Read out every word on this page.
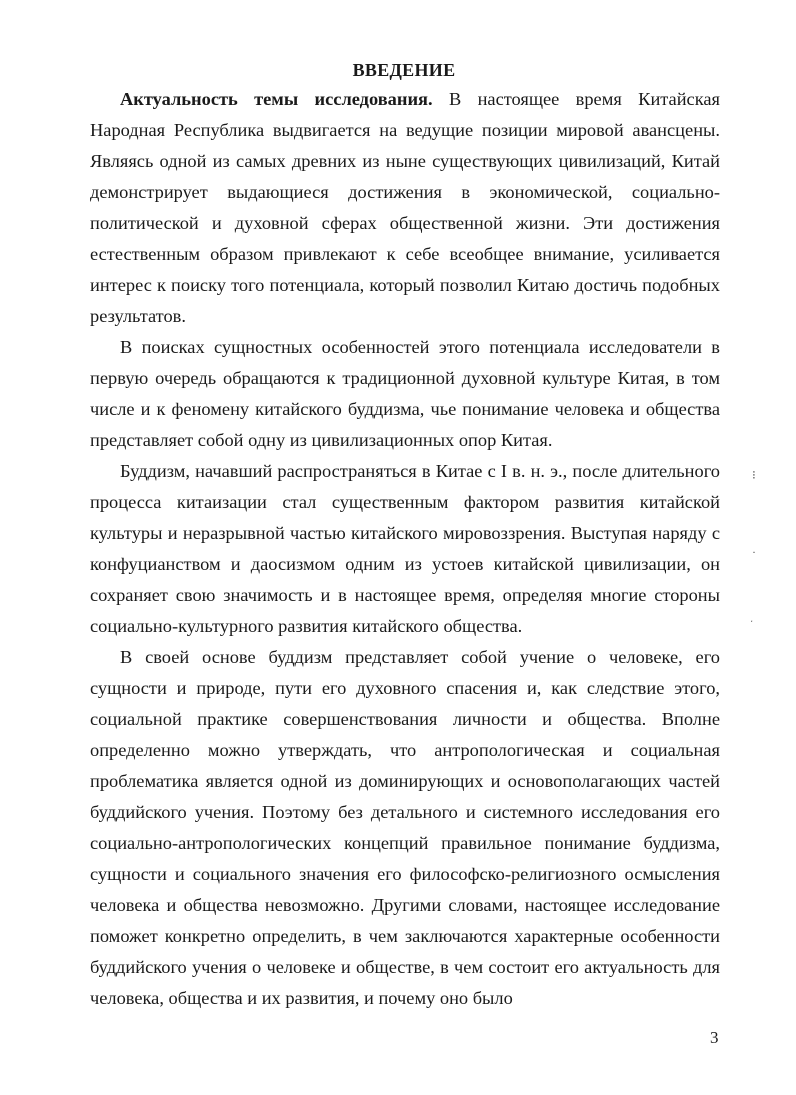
ВВЕДЕНИЕ

Актуальность темы исследования. В настоящее время Китайская Народная Республика выдвигается на ведущие позиции мировой авансцены. Являясь одной из самых древних из ныне существующих цивилизаций, Китай демонстрирует выдающиеся достижения в экономической, социально-политической и духовной сферах общественной жизни. Эти достижения естественным образом привлекают к себе всеобщее внимание, усиливается интерес к поиску того потенциала, который позволил Китаю достичь подобных результатов.

В поисках сущностных особенностей этого потенциала исследователи в первую очередь обращаются к традиционной духовной культуре Китая, в том числе и к феномену китайского буддизма, чье понимание человека и общества представляет собой одну из цивилизационных опор Китая.

Буддизм, начавший распространяться в Китае с I в. н. э., после длительного процесса китаизации стал существенным фактором развития китайской культуры и неразрывной частью китайского мировоззрения. Выступая наряду с конфуцианством и даосизмом одним из устоев китайской цивилизации, он сохраняет свою значимость и в настоящее время, определяя многие стороны социально-культурного развития китайского общества.

В своей основе буддизм представляет собой учение о человеке, его сущности и природе, пути его духовного спасения и, как следствие этого, социальной практике совершенствования личности и общества. Вполне определенно можно утверждать, что антропологическая и социальная проблематика является одной из доминирующих и основополагающих частей буддийского учения. Поэтому без детального и системного исследования его социально-антропологических концепций правильное понимание буддизма, сущности и социального значения его философско-религиозного осмысления человека и общества невозможно. Другими словами, настоящее исследование поможет конкретно определить, в чем заключаются характерные особенности буддийского учения о человеке и обществе, в чем состоит его актуальность для человека, общества и их развития, и почему оно было

3
⁝
·
ˑ
